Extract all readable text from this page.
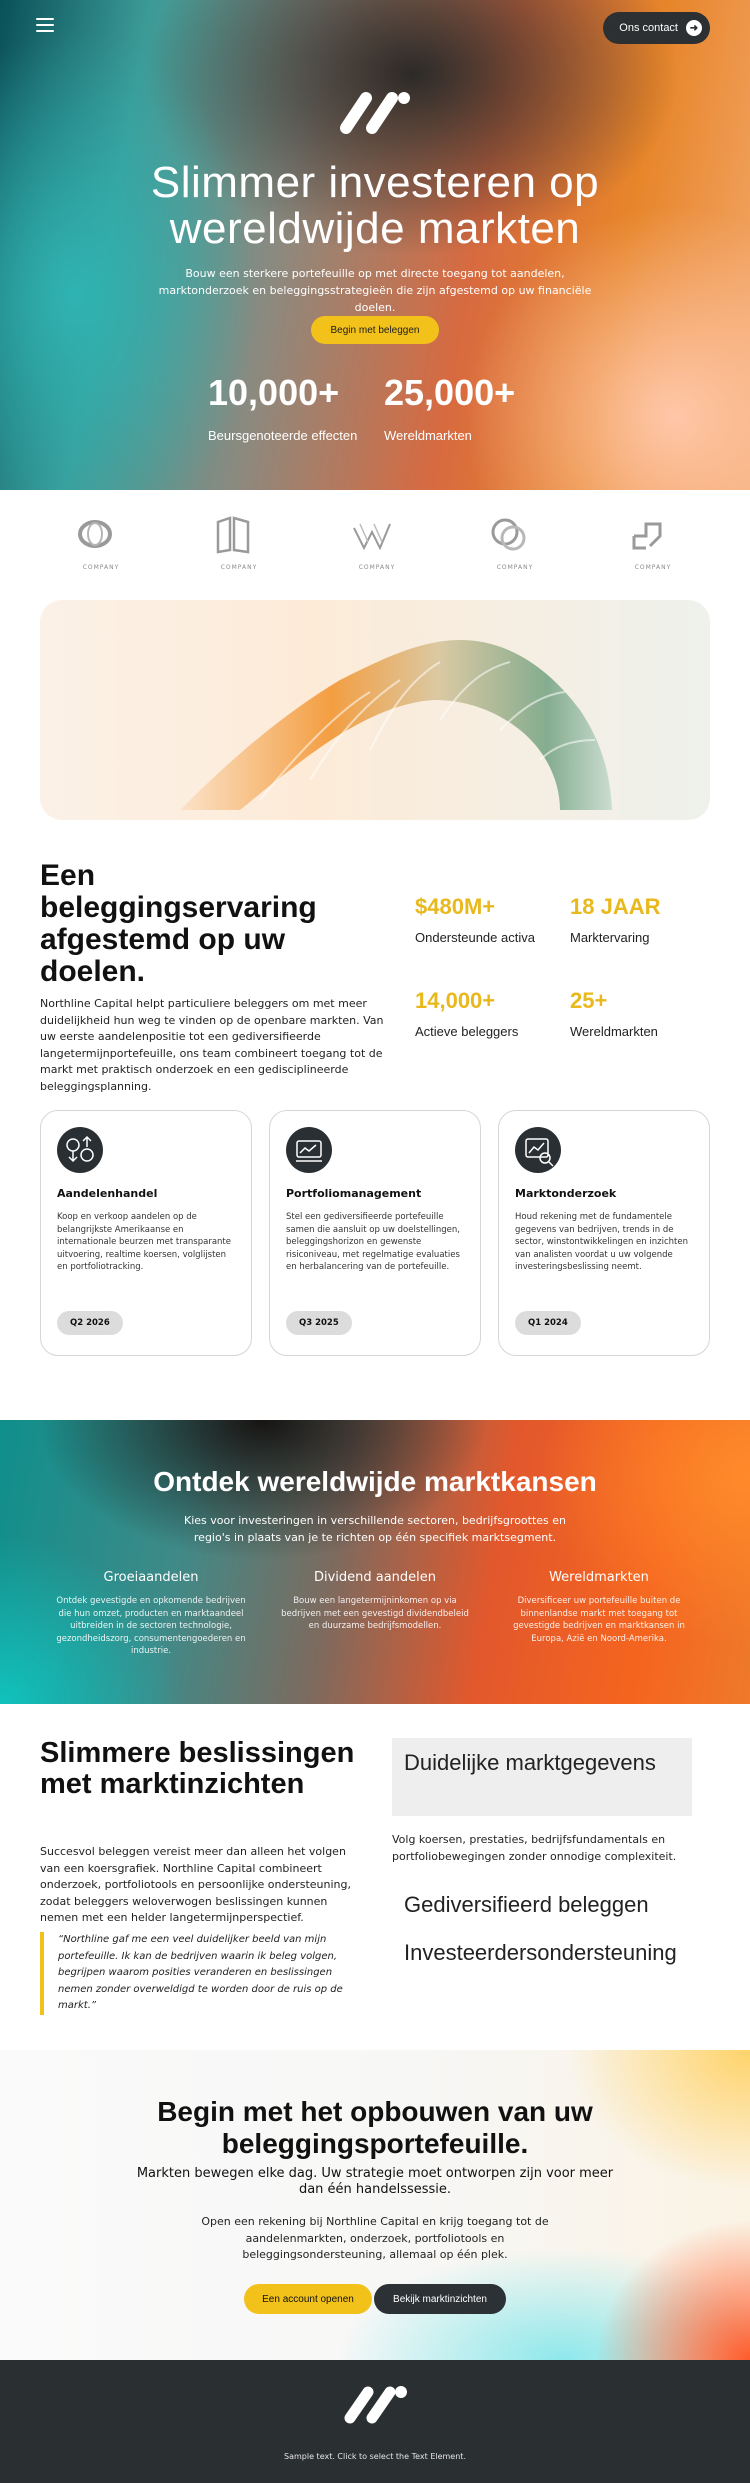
Ons contact	➜
Slimmer investeren op
wereldwijde markten
Bouw een sterkere portefeuille op met directe toegang tot aandelen, marktonderzoek en beleggingsstrategieën die zijn afgestemd op uw financiële doelen.
Begin met beleggen
10,000+
Beursgenoteerde effecten
25,000+
Wereldmarkten
COMPANY	COMPANY	COMPANY	COMPANY	COMPANY
Een beleggingservaring afgestemd op uw doelen.

Northline Capital helpt particuliere beleggers om met meer duidelijkheid hun weg te vinden op de openbare markten. Van uw eerste aandelenpositie tot een gediversifieerde langetermijnportefeuille, ons team combineert toegang tot de markt met praktisch onderzoek en een gedisciplineerde beleggingsplanning.

$480M+
Ondersteunde activa
18 JAAR
Marktervaring
14,000+
Actieve beleggers
25+
Wereldmarkten
Aandelenhandel
Koop en verkoop aandelen op de belangrijkste Amerikaanse en internationale beurzen met transparante uitvoering, realtime koersen, volglijsten en portfoliotracking.
Q2 2026
Portfoliomanagement
Stel een gediversifieerde portefeuille samen die aansluit op uw doelstellingen, beleggingshorizon en gewenste risiconiveau, met regelmatige evaluaties en herbalancering van de portefeuille.
Q3 2025
Marktonderzoek
Houd rekening met de fundamentele gegevens van bedrijven, trends in de sector, winstontwikkelingen en inzichten van analisten voordat u uw volgende investeringsbeslissing neemt.
Q1 2024
Ontdek wereldwijde marktkansen
Kies voor investeringen in verschillende sectoren, bedrijfsgroottes en regio's in plaats van je te richten op één specifiek marktsegment.
Groeiaandelen
Ontdek gevestigde en opkomende bedrijven die hun omzet, producten en marktaandeel uitbreiden in de sectoren technologie, gezondheidszorg, consumentengoederen en industrie.
Dividend aandelen
Bouw een langetermijninkomen op via bedrijven met een gevestigd dividendbeleid en duurzame bedrijfsmodellen.
Wereldmarkten
Diversificeer uw portefeuille buiten de binnenlandse markt met toegang tot gevestigde bedrijven en marktkansen in Europa, Azië en Noord-Amerika.
Slimmere beslissingen met marktinzichten

Succesvol beleggen vereist meer dan alleen het volgen van een koersgrafiek. Northline Capital combineert onderzoek, portfoliotools en persoonlijke ondersteuning, zodat beleggers weloverwogen beslissingen kunnen nemen met een helder langetermijnperspectief.

“Northline gaf me een veel duidelijker beeld van mijn portefeuille. Ik kan de bedrijven waarin ik beleg volgen, begrijpen waarom posities veranderen en beslissingen nemen zonder overweldigd te worden door de ruis op de markt.”
Duidelijke marktgegevens
Volg koersen, prestaties, bedrijfsfundamentals en portfoliobewegingen zonder onnodige complexiteit.
Gediversifieerd beleggen
Investeerdersondersteuning
Begin met het opbouwen van uw beleggingsportefeuille.
Markten bewegen elke dag. Uw strategie moet ontworpen zijn voor meer dan één handelssessie.
Open een rekening bij Northline Capital en krijg toegang tot de aandelenmarkten, onderzoek, portfoliotools en beleggingsondersteuning, allemaal op één plek.
Een account openen	Bekijk marktinzichten
Sample text. Click to select the Text Element.
